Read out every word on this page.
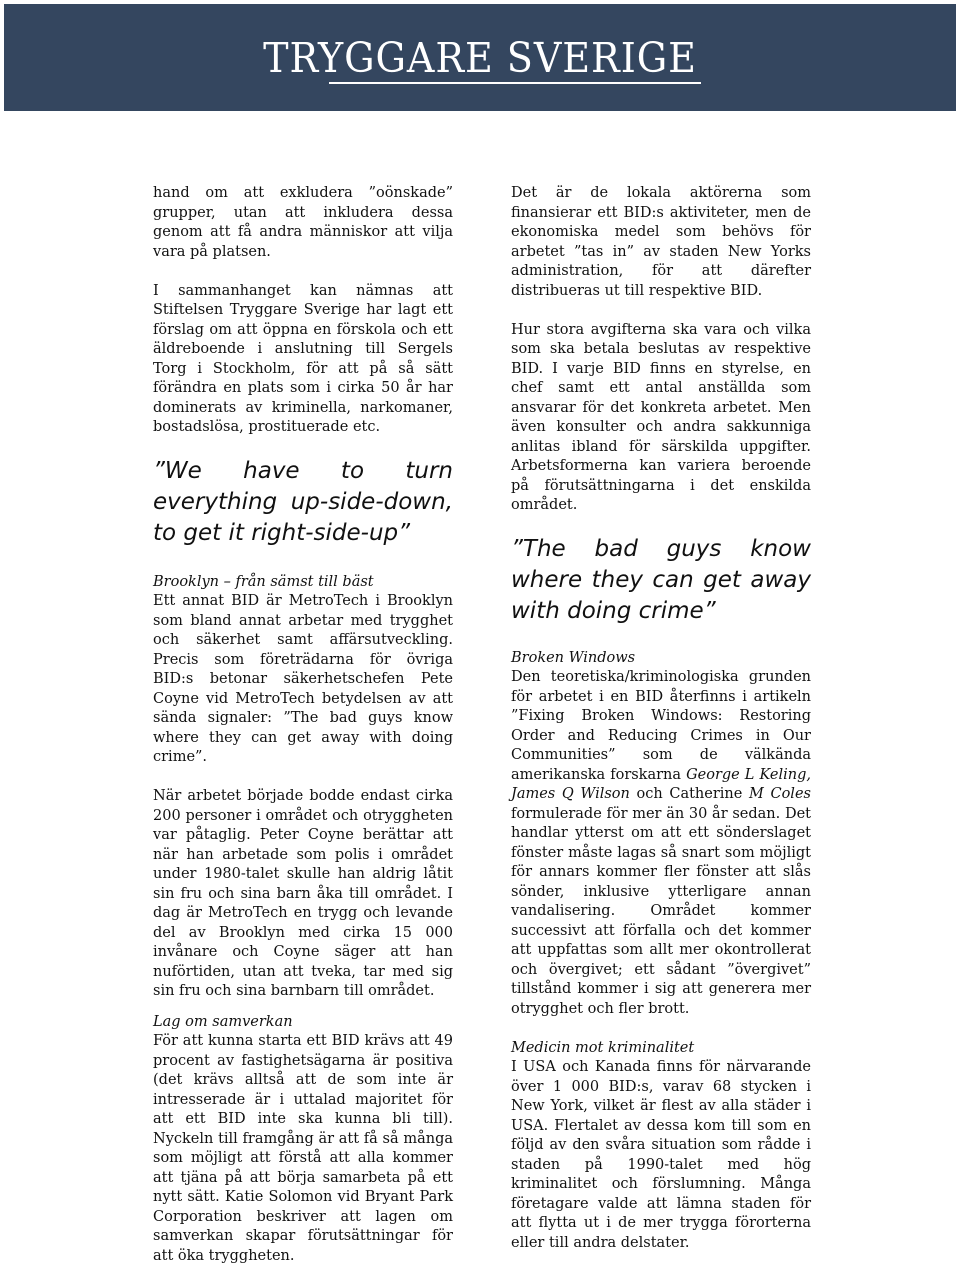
TRYGGARE SVERIGE

hand om att exkludera ”oönskade” grupper, utan att inkludera dessa genom att få andra människor att vilja vara på platsen.

I sammanhanget kan nämnas att Stiftelsen Tryggare Sverige har lagt ett förslag om att öppna en förskola och ett äldreboende i anslutning till Sergels Torg i Stockholm, för att på så sätt förändra en plats som i cirka 50 år har dominerats av kriminella, narkomaner, bostadslösa, prostituerade etc.

”We have to turn everything up-side-down, to get it right-side-up”

Brooklyn – från sämst till bäst

Ett annat BID är MetroTech i Brooklyn som bland annat arbetar med trygghet och säkerhet samt affärsutveckling. Precis som företrädarna för övriga BID:s betonar säkerhetschefen Pete Coyne vid MetroTech betydelsen av att sända signaler: ”The bad guys know where they can get away with doing crime”.

När arbetet började bodde endast cirka 200 personer i området och otryggheten var påtaglig. Peter Coyne berättar att när han arbetade som polis i området under 1980-talet skulle han aldrig låtit sin fru och sina barn åka till området. I dag är MetroTech en trygg och levande del av Brooklyn med cirka 15 000 invånare och Coyne säger att han nuförtiden, utan att tveka, tar med sig sin fru och sina barnbarn till området.

Lag om samverkan

För att kunna starta ett BID krävs att 49 procent av fastighetsägarna är positiva (det krävs alltså att de som inte är intresserade är i uttalad majoritet för att ett BID inte ska kunna bli till). Nyckeln till framgång är att få så många som möjligt att förstå att alla kommer att tjäna på att börja samarbeta på ett nytt sätt. Katie Solomon vid Bryant Park Corporation beskriver att lagen om samverkan skapar förutsättningar för att öka tryggheten.

Det är de lokala aktörerna som finansierar ett BID:s aktiviteter, men de ekonomiska medel som behövs för arbetet ”tas in” av staden New Yorks administration, för att därefter distribueras ut till respektive BID.

Hur stora avgifterna ska vara och vilka som ska betala beslutas av respektive BID. I varje BID finns en styrelse, en chef samt ett antal anställda som ansvarar för det konkreta arbetet. Men även konsulter och andra sakkunniga anlitas ibland för särskilda uppgifter. Arbetsformerna kan variera beroende på förutsättningarna i det enskilda området.

”The bad guys know where they can get away with doing crime”

Broken Windows

Den teoretiska/kriminologiska grunden för arbetet i en BID återfinns i artikeln ”Fixing Broken Windows: Restoring Order and Reducing Crimes in Our Communities” som de välkända amerikanska forskarna George L Keling, James Q Wilson och Catherine M Coles formulerade för mer än 30 år sedan. Det handlar ytterst om att ett sönderslaget fönster måste lagas så snart som möjligt för annars kommer fler fönster att slås sönder, inklusive ytterligare annan vandalisering. Området kommer successivt att förfalla och det kommer att uppfattas som allt mer okontrollerat och övergivet; ett sådant ”övergivet” tillstånd kommer i sig att generera mer otrygghet och fler brott.

Medicin mot kriminalitet

I USA och Kanada finns för närvarande över 1 000 BID:s, varav 68 stycken i New York, vilket är flest av alla städer i USA. Flertalet av dessa kom till som en följd av den svåra situation som rådde i staden på 1990-talet med hög kriminalitet och förslumning. Många företagare valde att lämna staden för att flytta ut i de mer trygga förorterna eller till andra delstater.
